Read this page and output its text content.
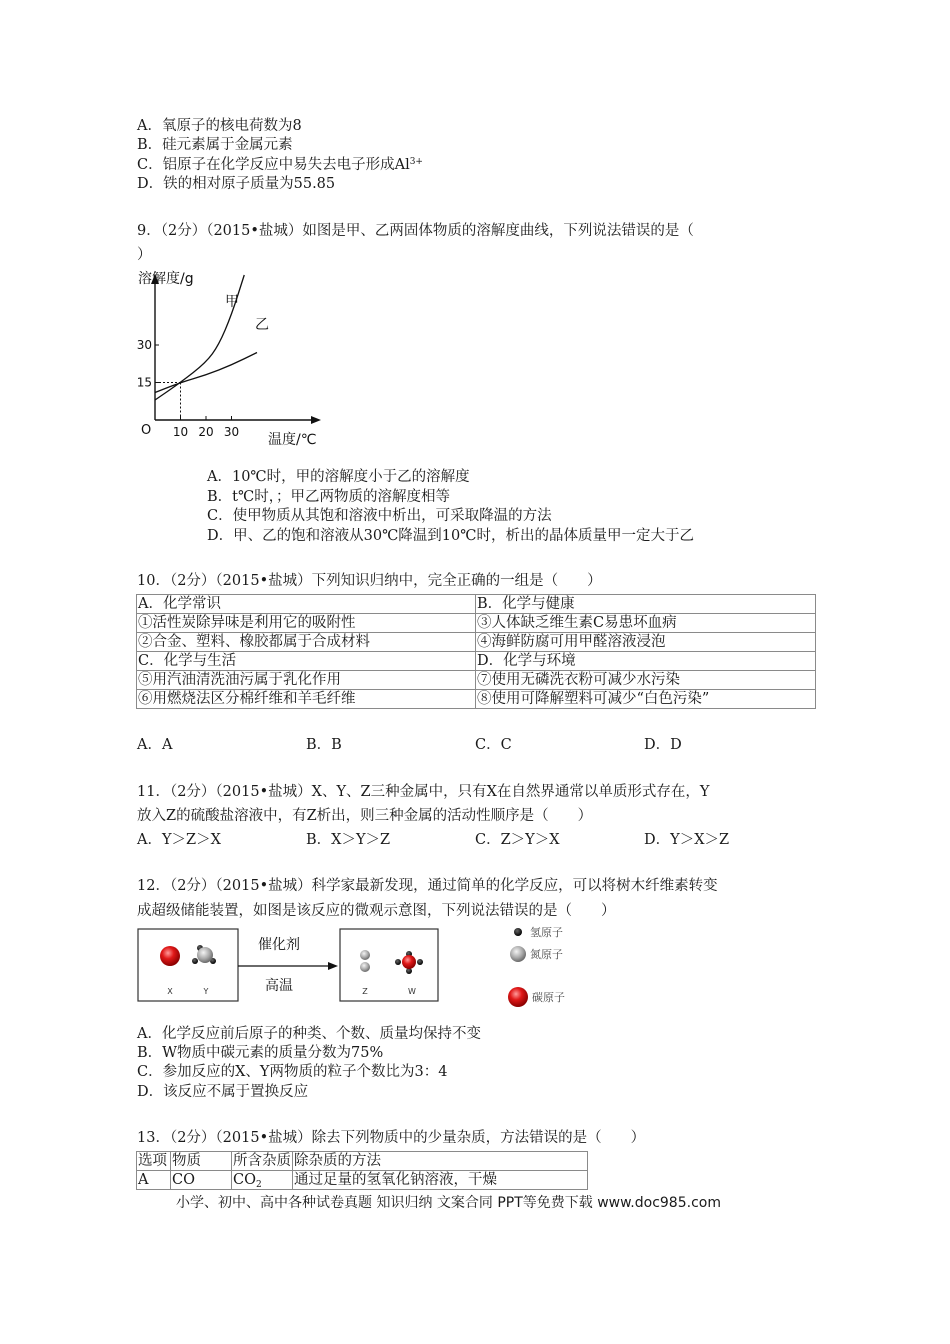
A．氧原子的核电荷数为8
B．硅元素属于金属元素
C．铝原子在化学反应中易失去电子形成$Al^{3+}$
D．铁的相对原子质量为55.85
9．（2分）（2015•盐城）如图是甲、乙两固体物质的溶解度曲线，下列说法错误的是（
）
溶解度/g
温度/℃
O 10 20 30
15
30
甲
乙
A．10℃时，甲的溶解度小于乙的溶解度
B．t℃时，；甲乙两物质的溶解度相等
C．使甲物质从其饱和溶液中析出，可采取降温的方法
D．甲、乙的饱和溶液从30℃降温到10℃时，析出的晶体质量甲一定大于乙
10．（2分）（2015•盐城）下列知识归纳中，完全正确的一组是（　　）
A．化学常识	B．化学与健康
①活性炭除异味是利用它的吸附性	③人体缺乏维生素C易患坏血病
②合金、塑料、橡胶都属于合成材料	④海鲜防腐可用甲醛溶液浸泡
C．化学与生活	D．化学与环境
⑤用汽油清洗油污属于乳化作用	⑦使用无磷洗衣粉可减少水污染
⑥用燃烧法区分棉纤维和羊毛纤维	⑧使用可降解塑料可减少“白色污染”
A．A	B．B	C．C	D．D
11．（2分）（2015•盐城）X、Y、Z三种金属中，只有X在自然界通常以单质形式存在，Y
放入Z的硫酸盐溶液中，有Z析出，则三种金属的活动性顺序是（　　）
A．Y＞Z＞X	B．X＞Y＞Z	C．Z＞Y＞X	D．Y＞X＞Z
12．（2分）（2015•盐城）科学家最新发现，通过简单的化学反应，可以将树木纤维素转变
成超级储能装置，如图是该反应的微观示意图，下列说法错误的是（　　）
X	Y
催化剂
高温	Z	W
氢原子
氮原子
碳原子
A．化学反应前后原子的种类、个数、质量均保持不变
B．W物质中碳元素的质量分数为75%
C．参加反应的X、Y两物质的粒子个数比为3：4
D．该反应不属于置换反应
13．（2分）（2015•盐城）除去下列物质中的少量杂质，方法错误的是（　　）
选项	物质	所含杂质	除杂质的方法
A	CO	$CO_2$	通过足量的氢氧化钠溶液，干燥
小学、初中、高中各种试卷真题 知识归纳 文案合同 PPT等免费下载 www.doc985.com
